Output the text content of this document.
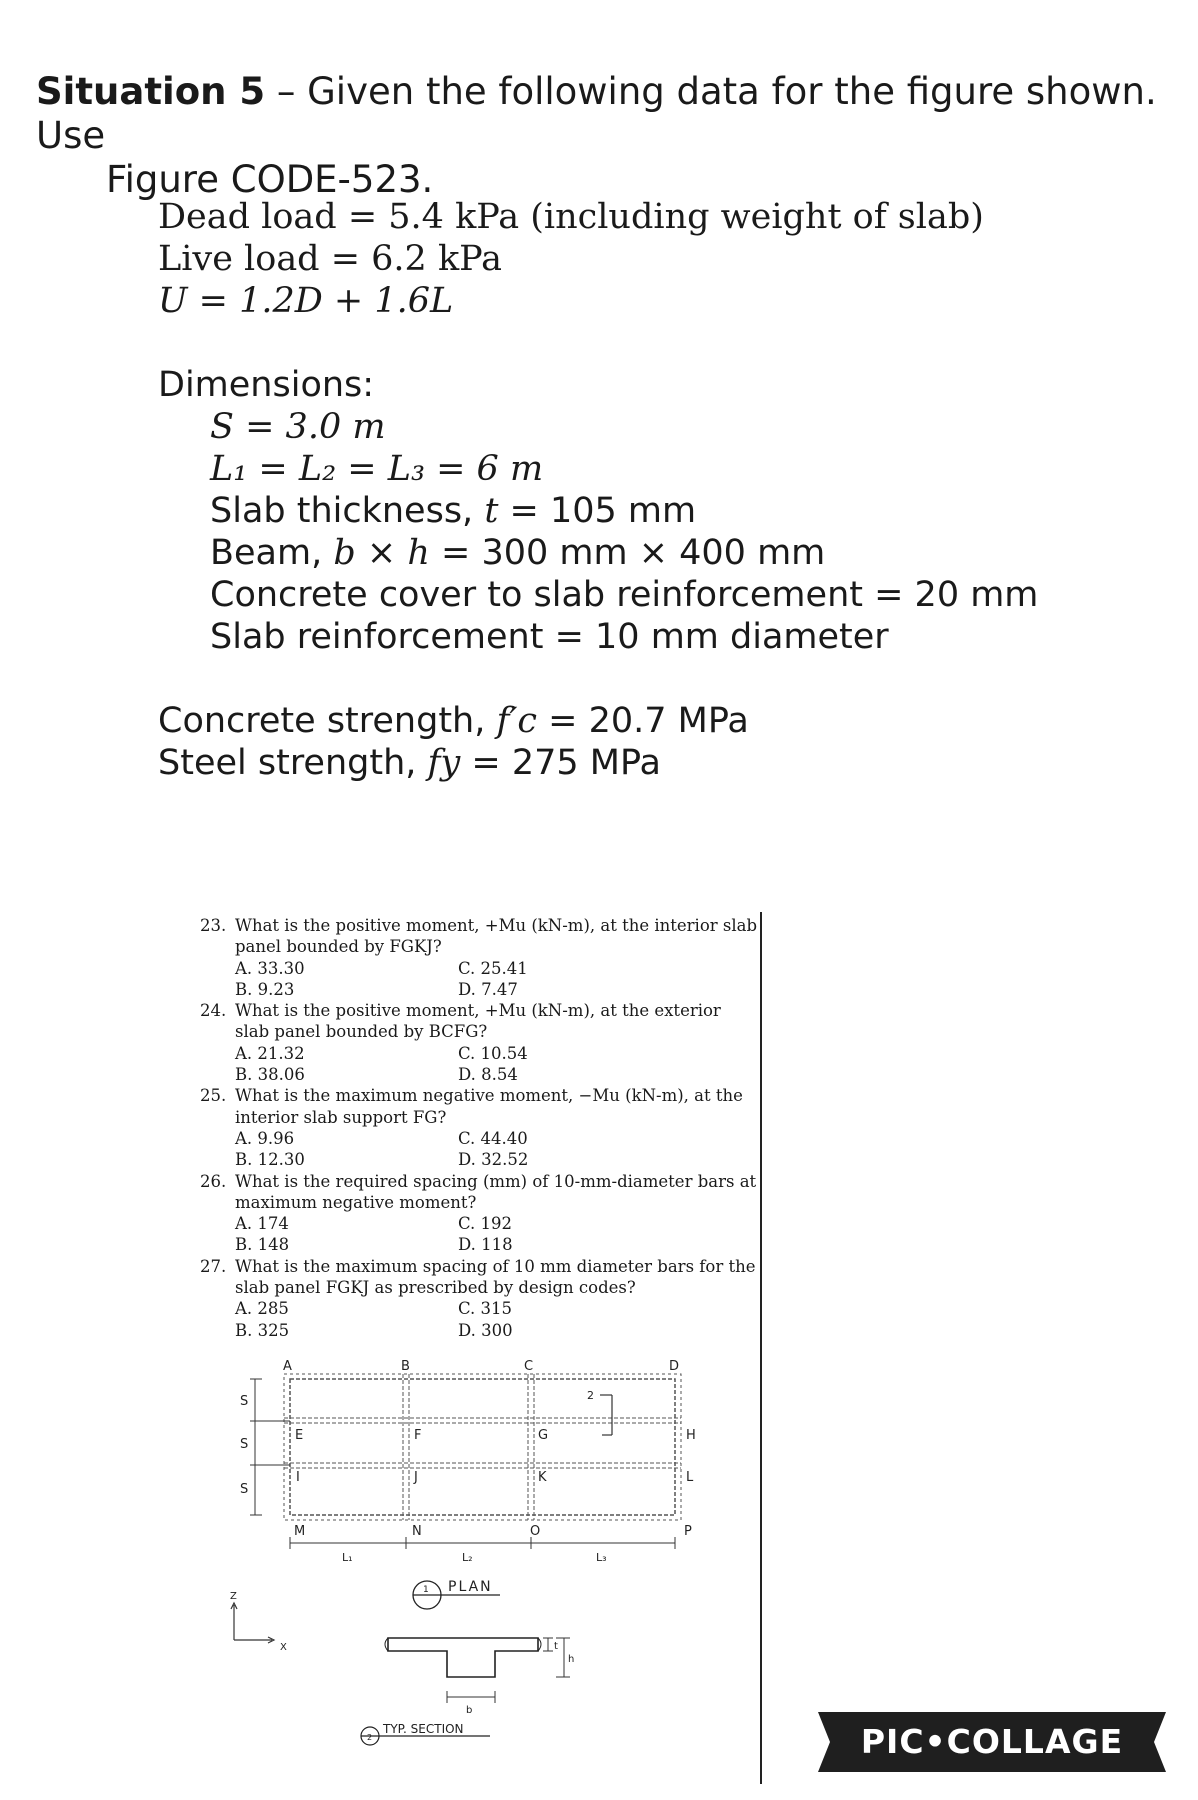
Situation 5 – Given the following data for the figure shown. Use
Figure CODE-523.
Dead load = 5.4 kPa (including weight of slab)
Live load = 6.2 kPa
U = 1.2D + 1.6L
Dimensions:
S = 3.0 m
L₁ = L₂ = L₃ = 6 m
Slab thickness, t = 105 mm
Beam, b × h = 300 mm × 400 mm
Concrete cover to slab reinforcement = 20 mm
Slab reinforcement = 10 mm diameter
Concrete strength, f′c = 20.7 MPa
Steel strength, fy = 275 MPa
23. What is the positive moment, +Mu (kN-m), at the interior slab panel bounded by FGKJ?
A. 33.30
B. 9.23
C. 25.41
D. 7.47
24. What is the positive moment, +Mu (kN-m), at the exterior slab panel bounded by BCFG?
A. 21.32
B. 38.06
C. 10.54
D. 8.54
25. What is the maximum negative moment, −Mu (kN-m), at the interior slab support FG?
A. 9.96
B. 12.30
C. 44.40
D. 32.52
26. What is the required spacing (mm) of 10-mm-diameter bars at maximum negative moment?
A. 174
B. 148
C. 192
D. 118
27. What is the maximum spacing of 10 mm diameter bars for the slab panel FGKJ as prescribed by design codes?
A. 285
B. 325
C. 315
D. 300
S
S
S
A	B	C	D
E	F	G	H
I	J	K	L
M	N	O	P
2
L₁	L₂	L₃
1 PLAN
Z
X	t
h
b
2
TYP. SECTION	PIC•COLLAGE
